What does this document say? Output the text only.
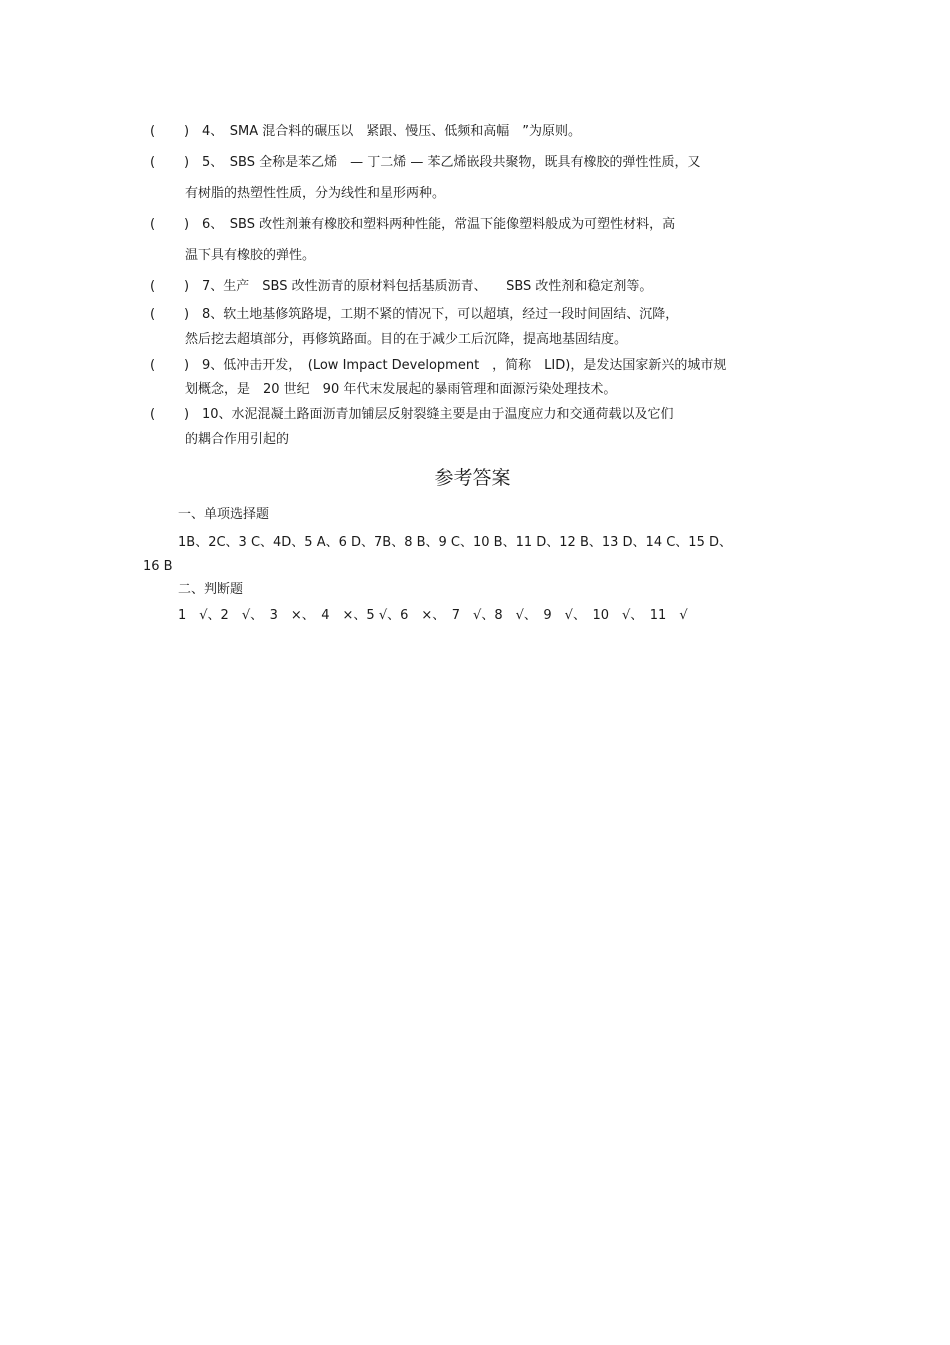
( ) 4、　SMA 混合料的碾压以　紧跟、慢压、低频和高幅　”为原则。
( ) 5、　SBS 全称是苯乙烯　— 丁二烯 — 苯乙烯嵌段共聚物，既具有橡胶的弹性性质，又
有树脂的热塑性性质，分为线性和星形两种。
( ) 6、　SBS 改性剂兼有橡胶和塑料两种性能，常温下能像塑料般成为可塑性材料，高
温下具有橡胶的弹性。
( ) 7、生产　SBS 改性沥青的原材料包括基质沥青、　　SBS 改性剂和稳定剂等。
( ) 8、软土地基修筑路堤，工期不紧的情况下，可以超填，经过一段时间固结、沉降，
然后挖去超填部分，再修筑路面。目的在于减少工后沉降，提高地基固结度。
( ) 9、低冲击开发，　(Low Impact Development　，简称　LID)，是发达国家新兴的城市规
划概念，是　20 世纪　90 年代末发展起的暴雨管理和面源污染处理技术。
( ) 10、水泥混凝土路面沥青加铺层反射裂缝主要是由于温度应力和交通荷载以及它们
的耦合作用引起的
参考答案
一、单项选择题
1B、2C、3 C、4D、5 A、6 D、7B、8 B、9 C、10 B、11 D、12 B、13 D、14 C、15 D、
16 B
二、判断题
1　√、2　√、　3　×、　4　×、5 √、6　×、　7　√、8　√、　9　√、　10　√、　11　√
